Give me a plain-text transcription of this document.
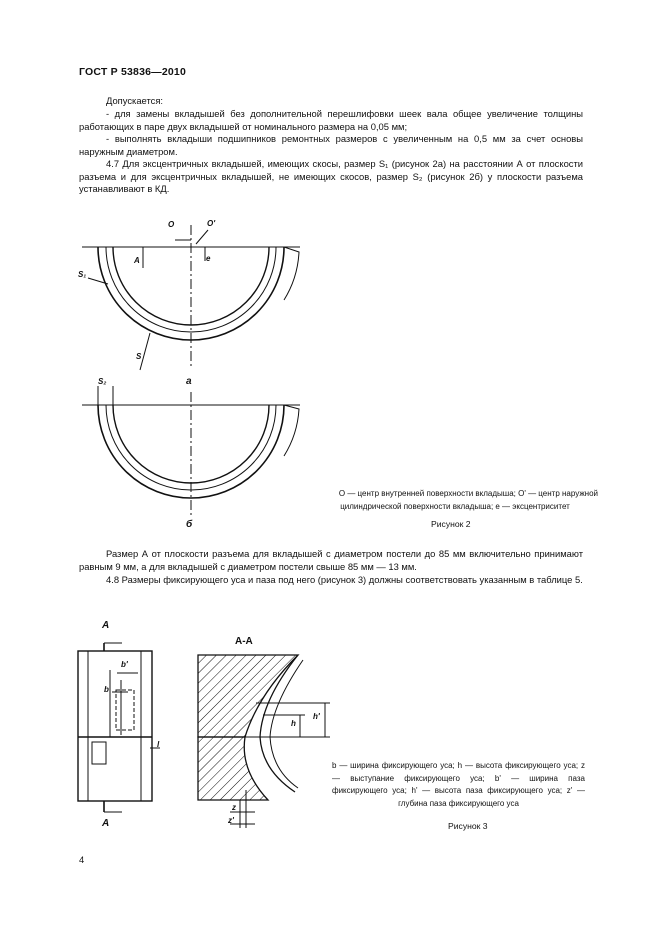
ГОСТ Р 53836—2010
Допускается:
- для замены вкладышей без дополнительной перешлифовки шеек вала общее увеличение толщины работающих в паре двух вкладышей от номинального размера на 0,05 мм;
- выполнять вкладыши подшипников ремонтных размеров с увеличенным на 0,5 мм за счет основы наружным диаметром.
4.7 Для эксцентричных вкладышей, имеющих скосы, размер S₁ (рисунок 2а) на расстоянии А от плоскости разъема и для эксцентричных вкладышей, не имеющих скосов, размер S₂ (рисунок 2б) у плоскости разъема устанавливают в КД.
O	O'
A	e
S₁
S
а
S₂
б
O — центр внутренней поверхности вкладыша; O' — центр наружной
цилиндрической поверхности вкладыша; e — эксцентриситет
Рисунок 2
Размер А от плоскости разъема для вкладышей с диаметром постели до 85 мм включительно принимают равным 9 мм, а для вкладышей с диаметром постели свыше 85 мм — 13 мм.
4.8 Размеры фиксирующего уса и паза под него (рисунок 3) должны соответствовать указанным в таблице 5.
A
A
А-А
b
b'
l
h
h'
z
z'
b — ширина фиксирующего уса; h — высота фиксирующего уса; z — выступание фиксирующего уса; b' — ширина паза фиксирующего уса; h' — высота паза фиксирующего уса; z' — глубина паза фиксирующего уса
Рисунок 3
4
